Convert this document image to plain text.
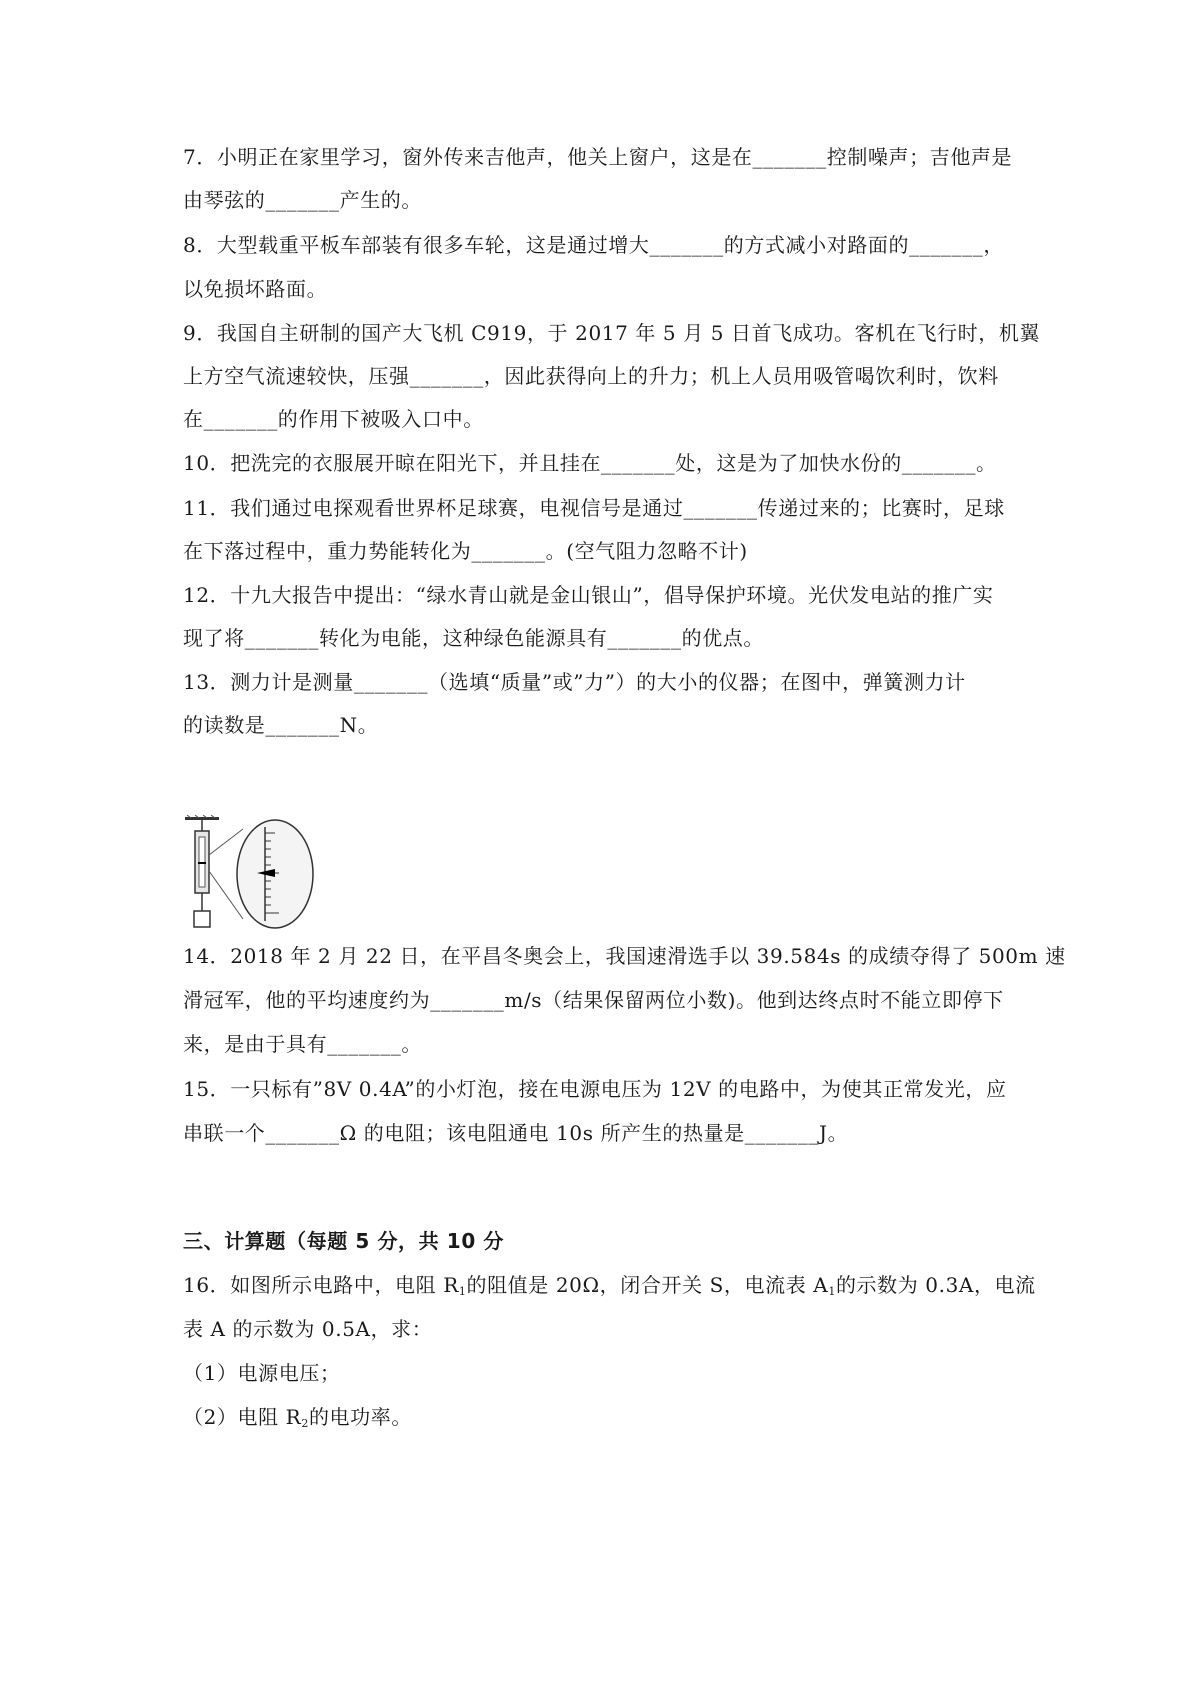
7．小明正在家里学习，窗外传来吉他声，他关上窗户，这是在_______控制噪声；吉他声是
由琴弦的_______产生的。
8．大型载重平板车部装有很多车轮，这是通过增大_______的方式减小对路面的_______，
以免损坏路面。
9．我国自主研制的国产大飞机 C919，于 2017 年 5 月 5 日首飞成功。客机在飞行时，机翼
上方空气流速较快，压强_______，因此获得向上的升力；机上人员用吸管喝饮利时，饮料
在_______的作用下被吸入口中。
10．把洗完的衣服展开晾在阳光下，并且挂在_______处，这是为了加快水份的_______。
11．我们通过电探观看世界杯足球赛，电视信号是通过_______传递过来的；比赛时，足球
在下落过程中，重力势能转化为_______。(空气阻力忽略不计)
12．十九大报告中提出：“绿水青山就是金山银山”，倡导保护环境。光伏发电站的推广实
现了将_______转化为电能，这种绿色能源具有_______的优点。
13．测力计是测量_______（选填“质量”或”力”）的大小的仪器；在图中，弹簧测力计
的读数是_______N。
14．2018 年 2 月 22 日，在平昌冬奥会上，我国速滑选手以 39.584s 的成绩夺得了 500m 速
滑冠军，他的平均速度约为_______m/s（结果保留两位小数)。他到达终点时不能立即停下
来，是由于具有_______。
15．一只标有”8V 0.4A”的小灯泡，接在电源电压为 12V 的电路中，为使其正常发光，应
串联一个_______Ω 的电阻；该电阻通电 10s 所产生的热量是_______J。
三、计算题（每题 5 分，共 10 分
16．如图所示电路中，电阻 $R_1$的阻值是 20Ω，闭合开关 S，电流表 $A_1$的示数为 0.3A，电流
表 A 的示数为 0.5A，求：
（1）电源电压；
（2）电阻 $R_2$的电功率。
